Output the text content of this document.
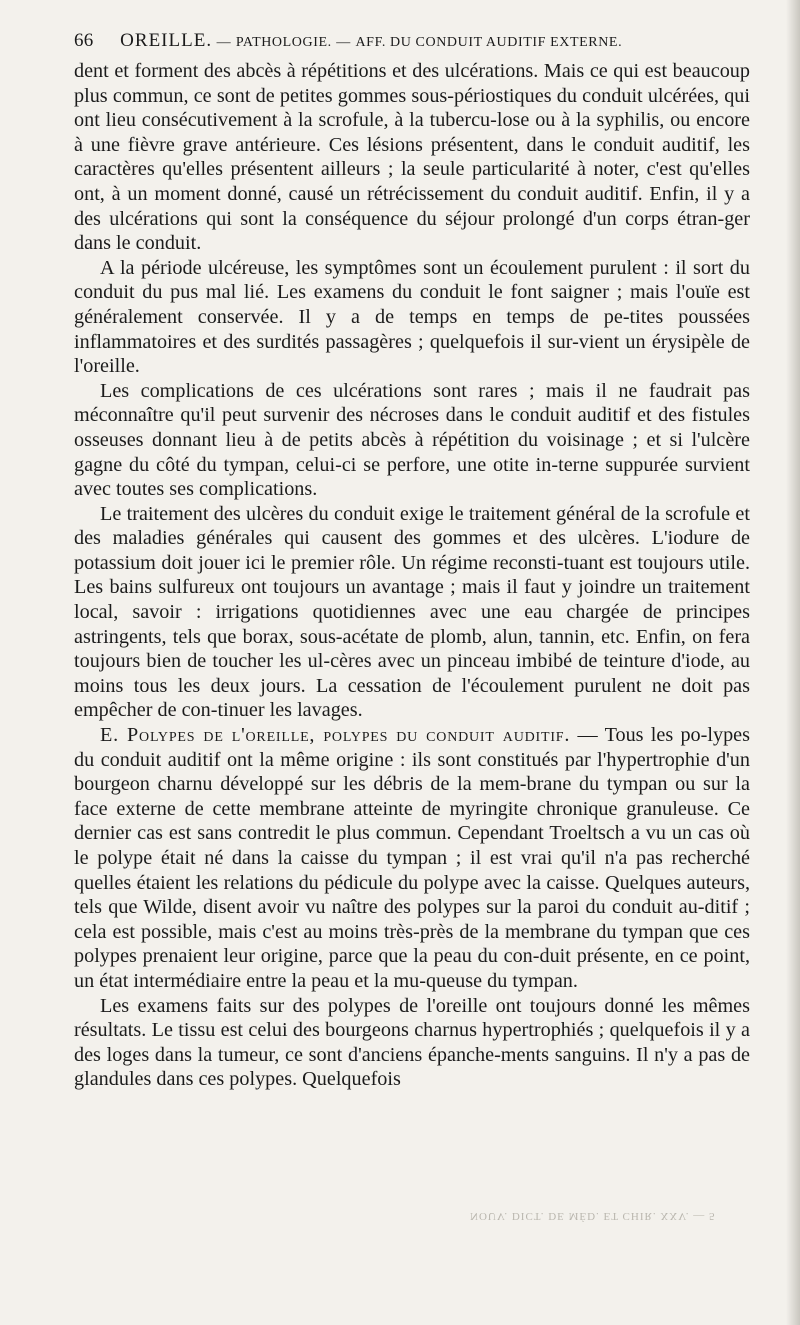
66 OREILLE. — PATHOLOGIE. — AFF. DU CONDUIT AUDITIF EXTERNE.

dent et forment des abcès à répétitions et des ulcérations. Mais ce qui est beaucoup plus commun, ce sont de petites gommes sous-périostiques du conduit ulcérées, qui ont lieu consécutivement à la scrofule, à la tubercu-lose ou à la syphilis, ou encore à une fièvre grave antérieure. Ces lésions présentent, dans le conduit auditif, les caractères qu'elles présentent ailleurs ; la seule particularité à noter, c'est qu'elles ont, à un moment donné, causé un rétrécissement du conduit auditif. Enfin, il y a des ulcérations qui sont la conséquence du séjour prolongé d'un corps étran-ger dans le conduit.

A la période ulcéreuse, les symptômes sont un écoulement purulent : il sort du conduit du pus mal lié. Les examens du conduit le font saigner ; mais l'ouïe est généralement conservée. Il y a de temps en temps de pe-tites poussées inflammatoires et des surdités passagères ; quelquefois il sur-vient un érysipèle de l'oreille.

Les complications de ces ulcérations sont rares ; mais il ne faudrait pas méconnaître qu'il peut survenir des nécroses dans le conduit auditif et des fistules osseuses donnant lieu à de petits abcès à répétition du voisinage ; et si l'ulcère gagne du côté du tympan, celui-ci se perfore, une otite in-terne suppurée survient avec toutes ses complications.

Le traitement des ulcères du conduit exige le traitement général de la scrofule et des maladies générales qui causent des gommes et des ulcères. L'iodure de potassium doit jouer ici le premier rôle. Un régime reconsti-tuant est toujours utile. Les bains sulfureux ont toujours un avantage ; mais il faut y joindre un traitement local, savoir : irrigations quotidiennes avec une eau chargée de principes astringents, tels que borax, sous-acétate de plomb, alun, tannin, etc. Enfin, on fera toujours bien de toucher les ul-cères avec un pinceau imbibé de teinture d'iode, au moins tous les deux jours. La cessation de l'écoulement purulent ne doit pas empêcher de con-tinuer les lavages.

E. Polypes de l'oreille, polypes du conduit auditif. — Tous les po-lypes du conduit auditif ont la même origine : ils sont constitués par l'hypertrophie d'un bourgeon charnu développé sur les débris de la mem-brane du tympan ou sur la face externe de cette membrane atteinte de myringite chronique granuleuse. Ce dernier cas est sans contredit le plus commun. Cependant Troeltsch a vu un cas où le polype était né dans la caisse du tympan ; il est vrai qu'il n'a pas recherché quelles étaient les relations du pédicule du polype avec la caisse. Quelques auteurs, tels que Wilde, disent avoir vu naître des polypes sur la paroi du conduit au-ditif ; cela est possible, mais c'est au moins très-près de la membrane du tympan que ces polypes prenaient leur origine, parce que la peau du con-duit présente, en ce point, un état intermédiaire entre la peau et la mu-queuse du tympan.

Les examens faits sur des polypes de l'oreille ont toujours donné les mêmes résultats. Le tissu est celui des bourgeons charnus hypertrophiés ; quelquefois il y a des loges dans la tumeur, ce sont d'anciens épanche-ments sanguins. Il n'y a pas de glandules dans ces polypes. Quelquefois

NOUV. DICT. DE MÉD. ET CHIR. XXV. — 5
